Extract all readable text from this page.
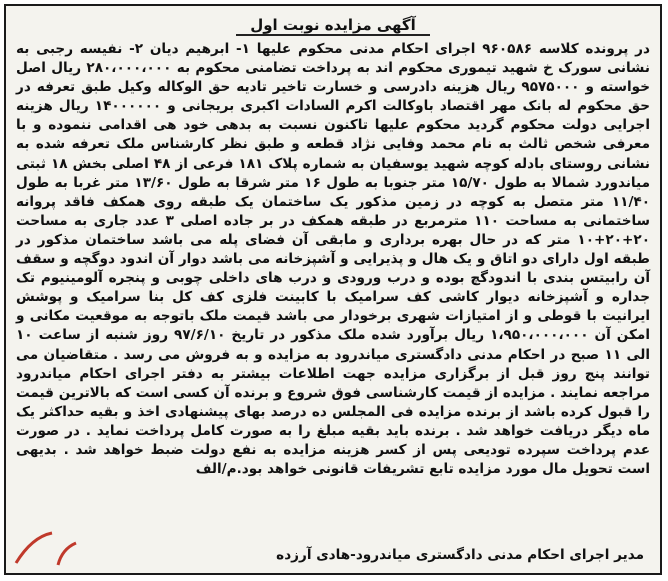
آگهی مزایده نوبت اول

در پرونده کلاسه ۹۶۰۵۸۶ اجرای احکام مدنی محکوم علیها ۱- ابرهیم دیان ۲- نفیسه رجبی به نشانی سورک خ شهید تیموری محکوم اند به پرداخت تضامنی محکوم به ۲۸۰،۰۰۰،۰۰۰ ریال اصل خواسته و ۹۵۷۵۰۰۰ ریال هزینه دادرسی و خسارت تاخیر تادیه حق الوکاله وکیل طبق تعرفه در حق محکوم له بانک مهر اقتصاد باوکالت اکرم السادات اکبری بریجانی و ۱۴۰۰۰۰۰۰ ریال هزینه اجرایی دولت محکوم گردید محکوم علیها تاکنون نسبت به بدهی خود هی اقدامی ننموده و با معرفی شخص ثالث به نام محمد وفایی نژاد قطعه و طبق نظر کارشناس ملک تعرفه شده به نشانی روستای بادله کوچه شهید یوسفیان به شماره پلاک ۱۸۱ فرعی از ۴۸ اصلی بخش ۱۸ ثبتی میاندورد شمالا به طول ۱۵/۷۰ متر جنوبا به طول ۱۶ متر شرقا به طول ۱۳/۶۰ متر غربا به طول ۱۱/۴۰ متر متصل به کوچه در زمین مذکور یک ساختمان یک طبقه روی همکف فاقد پروانه ساختمانی به مساحت ۱۱۰ مترمربع در طبقه همکف در بر جاده اصلی ۳ عدد جاری به مساحت ۲۰+۲۰+۱۰ متر که در حال بهره برداری و مابقی آن فضای پله می باشد ساختمان مذکور در طبقه اول دارای دو اتاق و یک هال و پذیرایی و آشپزخانه می باشد دوار آن اندود دوگچه و سقف آن رابیتس بندی با اندودگچ بوده و درب ورودی و درب های داخلی چوبی و پنجره آلومینیوم تک جداره و آشپزخانه دیوار کاشی کف سرامیک با کابینت فلزی کف کل بنا سرامیک و پوشش ایرانیت با قوطی و از امتیازات شهری برخودار می باشد قیمت ملک باتوجه به موقعیت مکانی و امکن آن ۱،۹۵۰،۰۰۰،۰۰۰ ریال برآورد شده ملک مذکور در تاریخ ۹۷/۶/۱۰ روز شنبه از ساعت ۱۰ الی ۱۱ صبح در احکام مدنی دادگستری میاندرود به مزایده و به فروش می رسد . متقاضیان می توانند پنج روز قبل از برگزاری مزایده جهت اطلاعات بیشتر به دفتر اجرای احکام میاندرود مراجعه نمایند . مزایده از قیمت کارشناسی فوق شروع و برنده آن کسی است که بالاترین قیمت را قبول کرده باشد از برنده مزایده فی المجلس ده درصد بهای پیشنهادی اخذ و بقیه حداکثر یک ماه دیگر دریافت خواهد شد . برنده باید بقیه مبلغ را به صورت کامل پرداخت نماید . در صورت عدم پرداخت سپرده تودیعی پس از کسر هزینه مزایده به نفع دولت ضبط خواهد شد . بدیهی است تحویل مال مورد مزایده تابع تشریفات قانونی خواهد بود.م/الف

مدیر اجرای احکام مدنی دادگستری میاندرود-هادی آرزده
